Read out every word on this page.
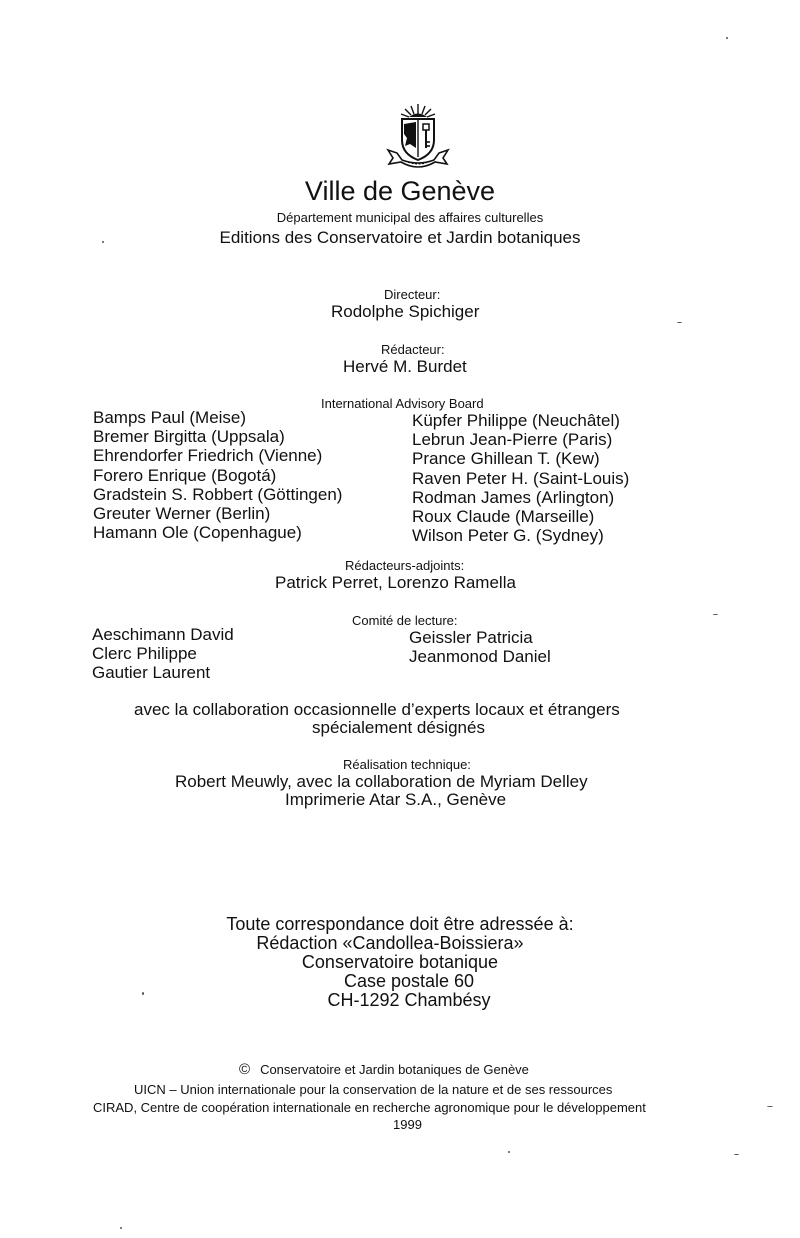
Ville de Genève
Département municipal des affaires culturelles
Editions des Conservatoire et Jardin botaniques
Directeur:
Rodolphe Spichiger
Rédacteur:
Hervé M. Burdet
International Advisory Board
Bamps Paul (Meise)
Bremer Birgitta (Uppsala)
Ehrendorfer Friedrich (Vienne)
Forero Enrique (Bogotá)
Gradstein S. Robbert (Göttingen)
Greuter Werner (Berlin)
Hamann Ole (Copenhague)
Küpfer Philippe (Neuchâtel)
Lebrun Jean-Pierre (Paris)
Prance Ghillean T. (Kew)
Raven Peter H. (Saint-Louis)
Rodman James (Arlington)
Roux Claude (Marseille)
Wilson Peter G. (Sydney)
Rédacteurs-adjoints:
Patrick Perret, Lorenzo Ramella
Comité de lecture:
Aeschimann David
Clerc Philippe
Gautier Laurent
Geissler Patricia
Jeanmonod Daniel
avec la collaboration occasionnelle d’experts locaux et étrangers
spécialement désignés
Réalisation technique:
Robert Meuwly, avec la collaboration de Myriam Delley
Imprimerie Atar S.A., Genève
Toute correspondance doit être adressée à:
Rédaction «Candollea-Boissiera»
Conservatoire botanique
Case postale 60
CH-1292 Chambésy
© Conservatoire et Jardin botaniques de Genève
UICN – Union internationale pour la conservation de la nature et de ses ressources
CIRAD, Centre de coopération internationale en recherche agronomique pour le développement
1999
